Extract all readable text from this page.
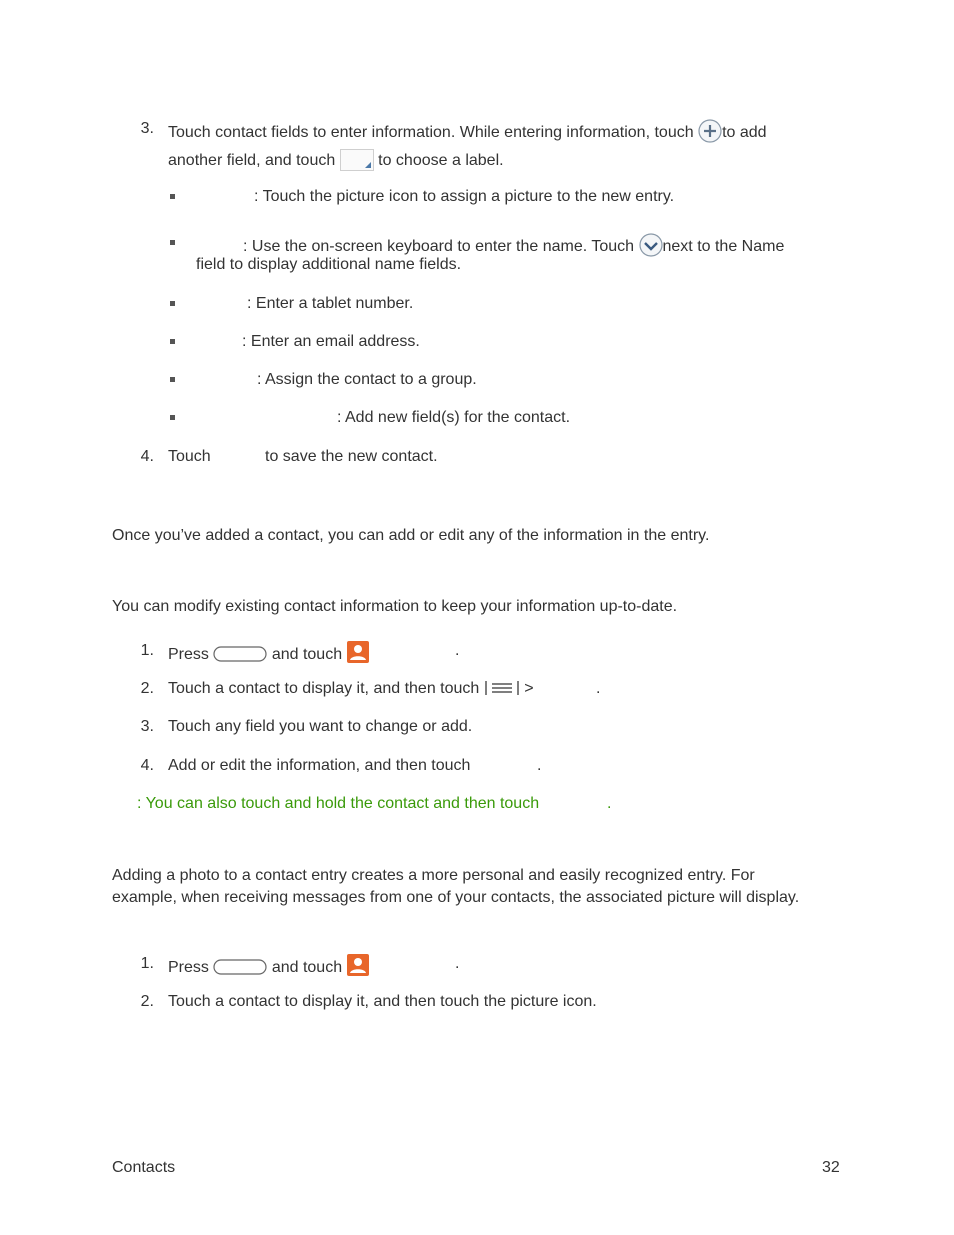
3. Touch contact fields to enter information. While entering information, touch to add
another field, and touch	to choose a label.
: Touch the picture icon to assign a picture to the new entry.
: Use the on-screen keyboard to enter the name. Touch next to the Name
field to display additional name fields.
: Enter a tablet number.
: Enter an email address.
: Assign the contact to a group.
: Add new field(s) for the contact.
4. Touch	to save the new contact.
Once you’ve added a contact, you can add or edit any of the information in the entry.
You can modify existing contact information to keep your information up-to-date.
1. Press	and touch	.
2. Touch a contact to display it, and then touch	>	.
3. Touch any field you want to change or add.
4. Add or edit the information, and then touch	.
: You can also touch and hold the contact and then touch	.
Adding a photo to a contact entry creates a more personal and easily recognized entry. For example, when receiving messages from one of your contacts, the associated picture will display.
1. Press	and touch	.
2. Touch a contact to display it, and then touch the picture icon.
Contacts	32
